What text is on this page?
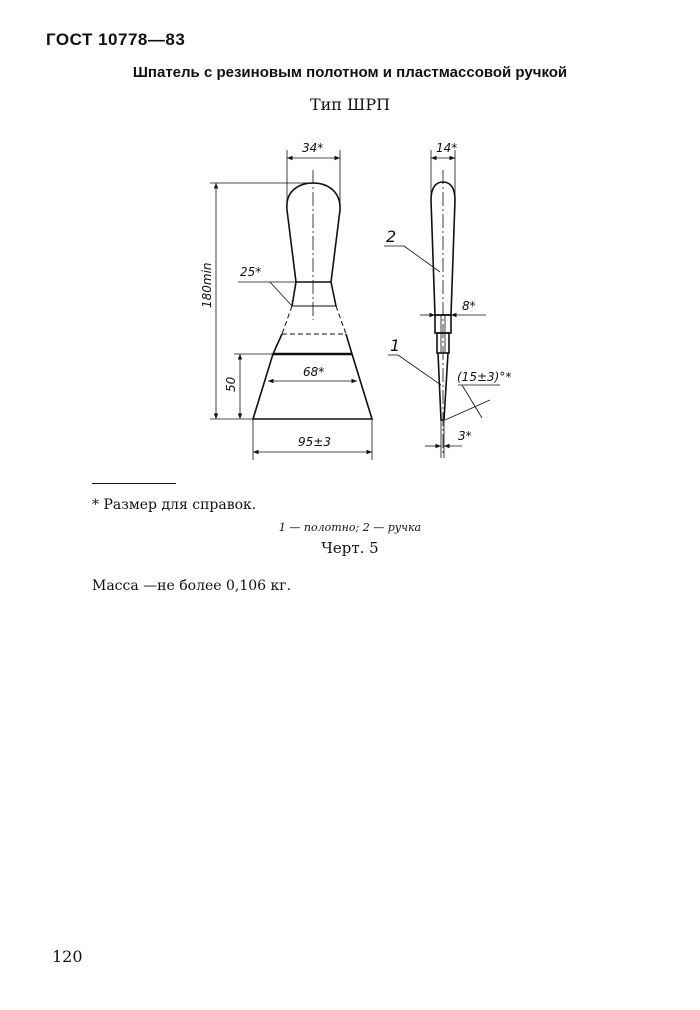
ГОСТ 10778—83
Шпатель с резиновым полотном и пластмассовой ручкой
Тип ШРП
34*
25*
180min
50
68*
95±3
14*
8*
(15±3)°*
3*
2
1
* Размер для справок.
1 — полотно; 2 — ручка
Черт. 5
Масса —не более 0,106 кг.
120
